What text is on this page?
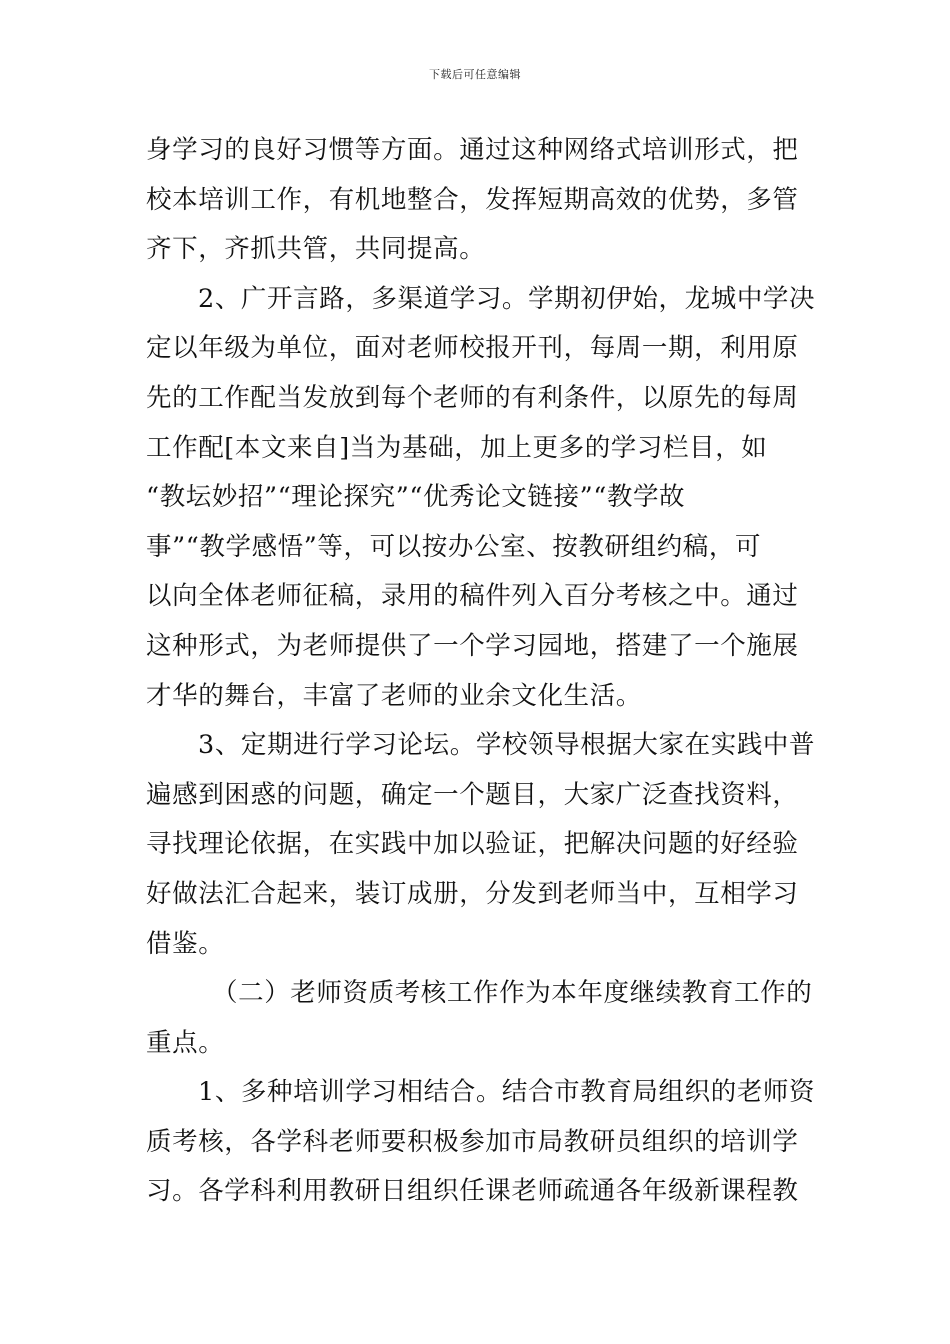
下载后可任意编辑
身学习的良好习惯等方面。通过这种网络式培训形式，把
校本培训工作，有机地整合，发挥短期高效的优势，多管
齐下，齐抓共管，共同提高。
2、广开言路，多渠道学习。学期初伊始，龙城中学决
定以年级为单位，面对老师校报开刊，每周一期，利用原
先的工作配当发放到每个老师的有利条件，以原先的每周
工作配[本文来自]当为基础，加上更多的学习栏目，如
“教坛妙招”“理论探究”“优秀论文链接”“教学故
事”“教学感悟”等，可以按办公室、按教研组约稿，可
以向全体老师征稿，录用的稿件列入百分考核之中。通过
这种形式，为老师提供了一个学习园地，搭建了一个施展
才华的舞台，丰富了老师的业余文化生活。
3、定期进行学习论坛。学校领导根据大家在实践中普
遍感到困惑的问题，确定一个题目，大家广泛查找资料，
寻找理论依据，在实践中加以验证，把解决问题的好经验
好做法汇合起来，装订成册，分发到老师当中，互相学习
借鉴。
（二）老师资质考核工作作为本年度继续教育工作的
重点。
1、多种培训学习相结合。结合市教育局组织的老师资
质考核，各学科老师要积极参加市局教研员组织的培训学
习。各学科利用教研日组织任课老师疏通各年级新课程教
